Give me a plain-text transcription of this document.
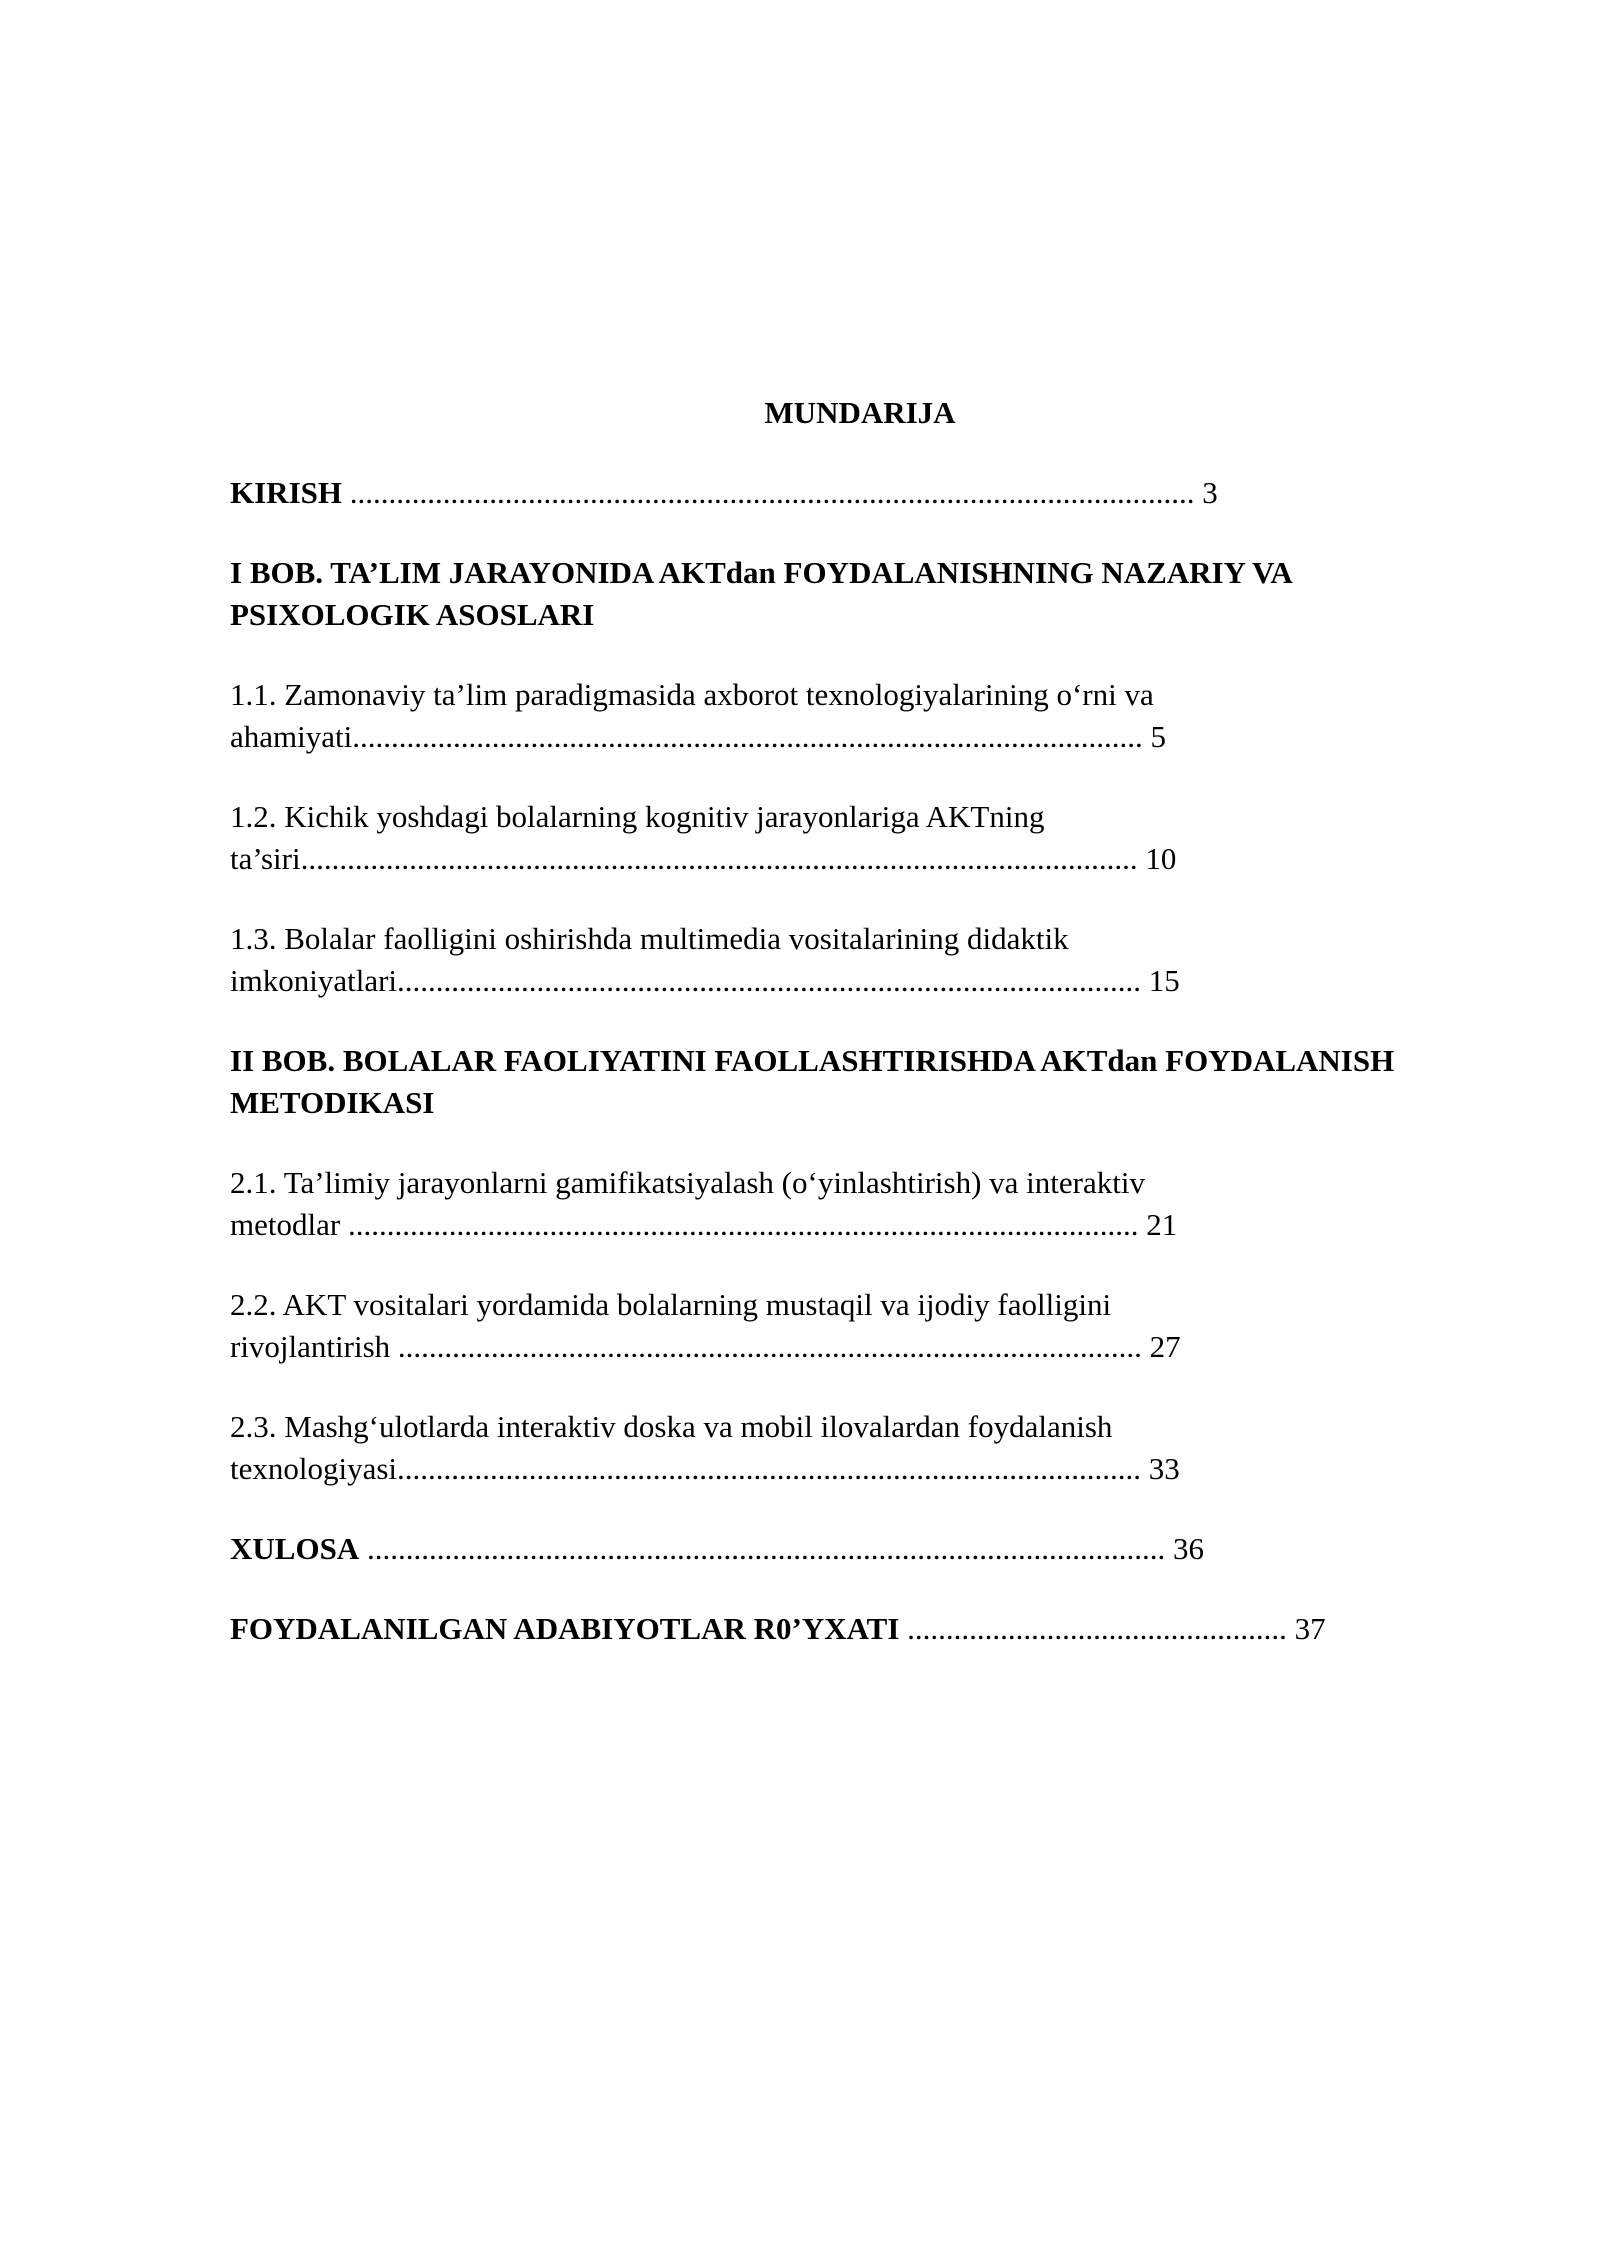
MUNDARIJA
KIRISH ............................................................................................................. 3
I BOB. TA’LIM JARAYONIDA AKTdan FOYDALANISHNING NAZARIY VA
PSIXOLOGIK ASOSLARI
1.1. Zamonaviy ta’lim paradigmasida axborot texnologiyalarining o‘rni va
ahamiyati...................................................................................................... 5
1.2. Kichik yoshdagi bolalarning kognitiv jarayonlariga AKTning
ta’siri............................................................................................................ 10
1.3. Bolalar faolligini oshirishda multimedia vositalarining didaktik
imkoniyatlari................................................................................................ 15
II BOB. BOLALAR FAOLIYATINI FAOLLASHTIRISHDA AKTdan FOYDALANISH
METODIKASI
2.1. Ta’limiy jarayonlarni gamifikatsiyalash (o‘yinlashtirish) va interaktiv
metodlar ...................................................................................................... 21
2.2. AKT vositalari yordamida bolalarning mustaqil va ijodiy faolligini
rivojlantirish ................................................................................................ 27
2.3. Mashg‘ulotlarda interaktiv doska va mobil ilovalardan foydalanish
texnologiyasi................................................................................................ 33
XULOSA ....................................................................................................... 36
FOYDALANILGAN ADABIYOTLAR R0’YXATI ................................................. 37
